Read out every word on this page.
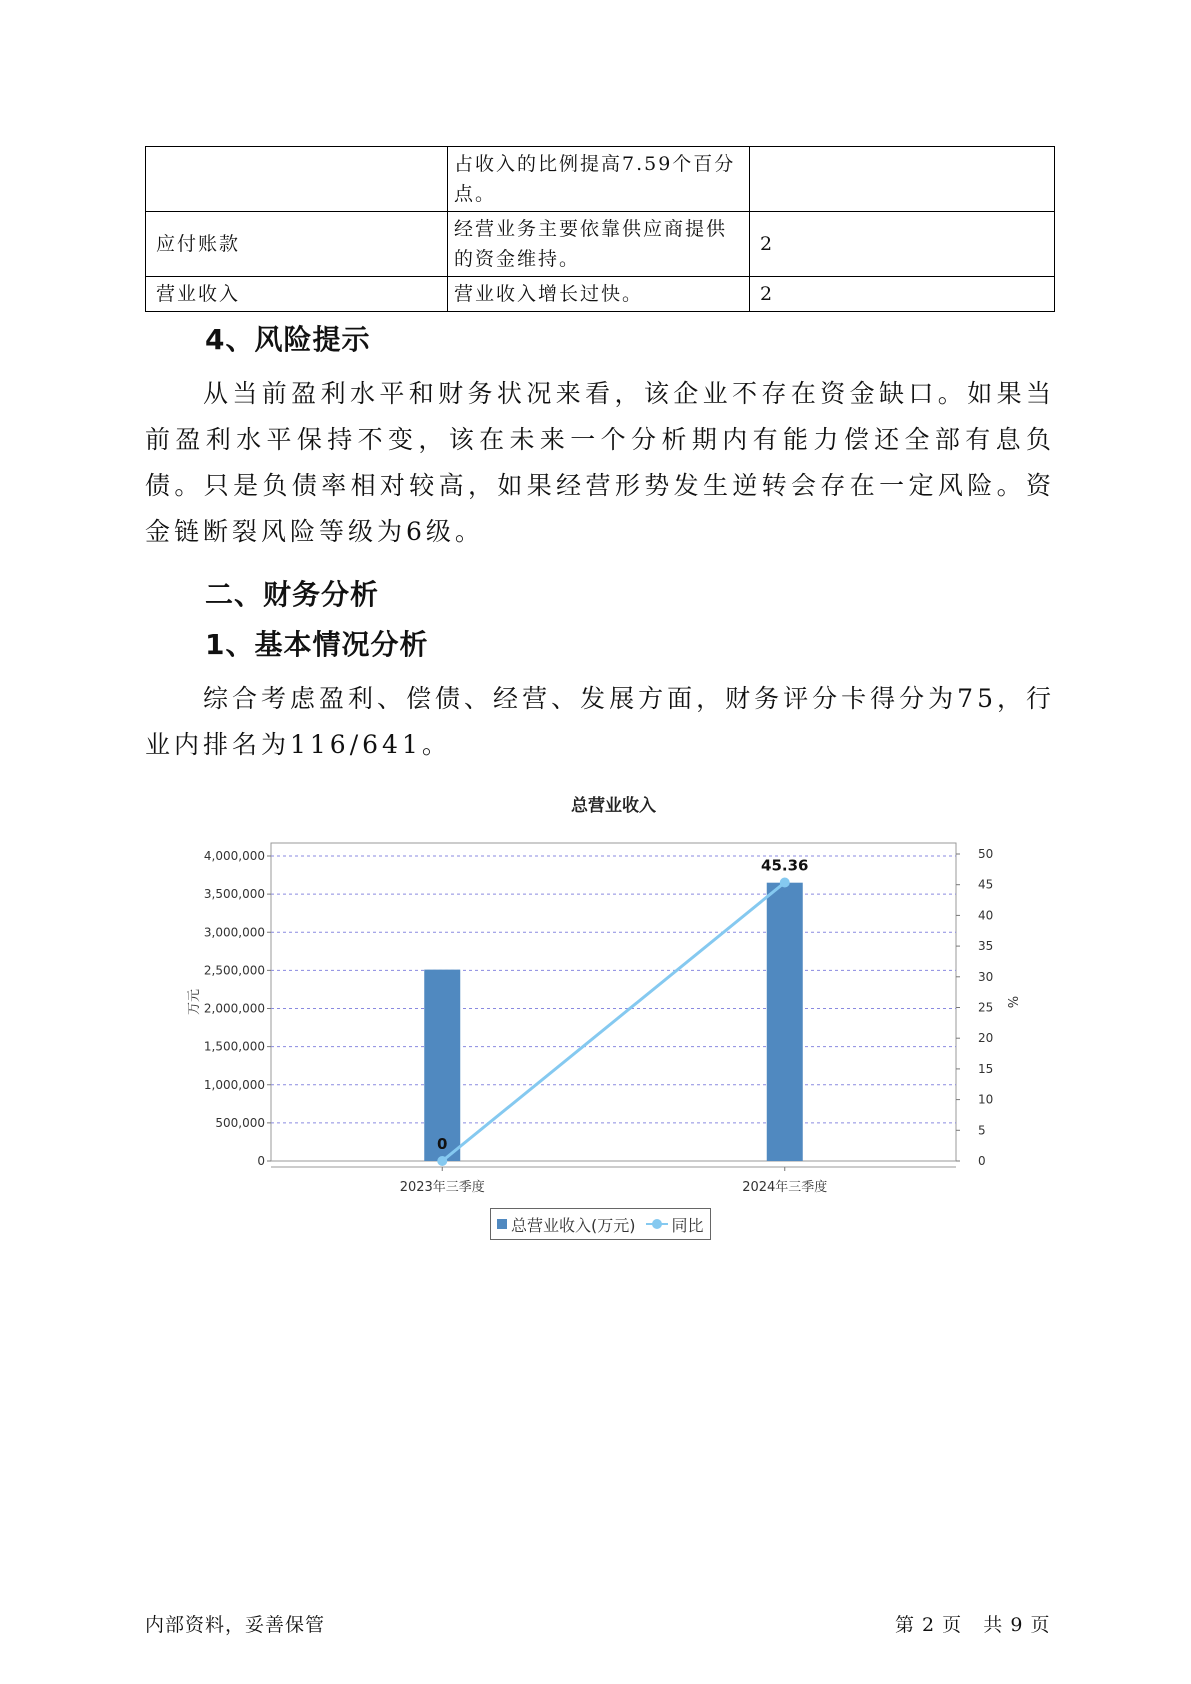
	占收入的比例提高7.59个百分点。	
应付账款	经营业务主要依靠供应商提供的资金维持。	2
营业收入	营业收入增长过快。	2
4、风险提示

从当前盈利水平和财务状况来看，该企业不存在资金缺口。如果当前盈利水平保持不变，该在未来一个分析期内有能力偿还全部有息负债。只是负债率相对较高，如果经营形势发生逆转会存在一定风险。资金链断裂风险等级为6级。

二、财务分析
1、基本情况分析

综合考虑盈利、偿债、经营、发展方面，财务评分卡得分为75，行业内排名为116/641。

总营业收入
0
500,000
1,000,000
1,500,000
2,000,000
2,500,000
3,000,000
3,500,000
4,000,000
0
5
10
15
20
25
30
35
40
45
50
万元	%
2023年三季度	2024年三季度
0
45.36
总营业收入(万元) 同比
内部资料，妥善保管	第 2 页   共 9 页
